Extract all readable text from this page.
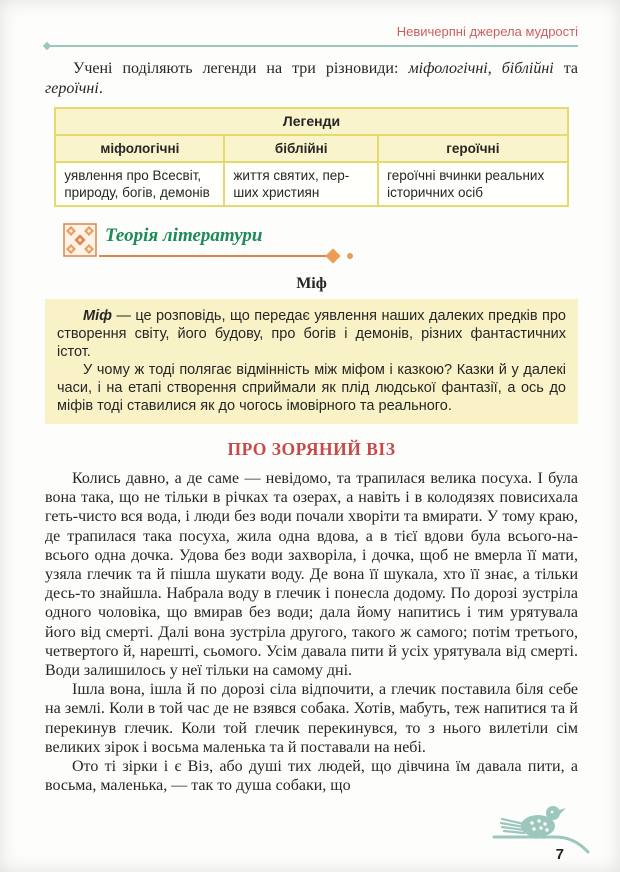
Невичерпні джерела мудрості

Учені поділяють легенди на три різновиди: міфологічні, біблійні та героїчні.

Легенди		
міфологічні	біблійні	героїчні
уявлення про Всесвіт, природу, богів, демонів	життя святих, перших християн	героїчні вчинки реальних історичних осіб
Теорія літератури
Міф

Міф — це розповідь, що передає уявлення наших далеких предків про створення світу, його будову, про богів і демонів, різних фантастичних істот.

У чому ж тоді полягає відмінність між міфом і казкою? Казки й у далекі часи, і на етапі створення сприймали як плід людської фантазії, а ось до міфів тоді ставилися як до чогось імовірного та реального.

ПРО ЗОРЯНИЙ ВІЗ

Колись давно, а де саме — невідомо, та трапилася велика посуха. І була вона така, що не тільки в річках та озерах, а навіть і в колодязях повисихала геть-чисто вся вода, і люди без води почали хворіти та вмирати. У тому краю, де трапилася така посуха, жила одна вдова, а в тієї вдови була всього-на-всього одна дочка. Удова без води захворіла, і дочка, щоб не вмерла її мати, узяла глечик та й пішла шукати воду. Де вона її шукала, хто її знає, а тільки десь-то знайшла. Набрала воду в глечик і понесла додому. По дорозі зустріла одного чоловіка, що вмирав без води; дала йому напитись і тим урятувала його від смерті. Далі вона зустріла другого, такого ж самого; потім третього, четвертого й, нарешті, сьомого. Усім давала пити й усіх урятувала від смерті. Води залишилось у неї тільки на самому дні.

Ішла вона, ішла й по дорозі сіла відпочити, а глечик поставила біля себе на землі. Коли в той час де не взявся собака. Хотів, мабуть, теж напитися та й перекинув глечик. Коли той глечик перекинувся, то з нього вилетіли сім великих зірок і восьма маленька та й поставали на небі.

Ото ті зірки і є Віз, або душі тих людей, що дівчина їм давала пити, а восьма, маленька, — так то душа собаки, що

7
